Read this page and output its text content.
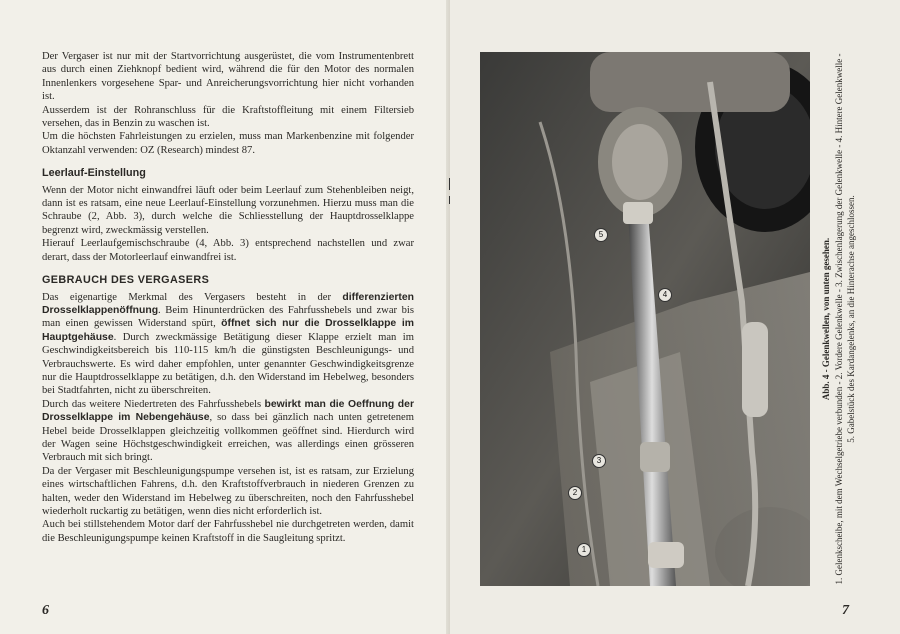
Der Vergaser ist nur mit der Startvorrichtung ausgerüstet, die vom Instrumentenbrett aus durch einen Ziehknopf bedient wird, während die für den Motor des normalen Innenlenkers vorgesehene Spar- und Anreicherungsvorrichtung hier nicht vorhanden ist.

Ausserdem ist der Rohranschluss für die Kraftstoffleitung mit einem Filtersieb versehen, das in Benzin zu waschen ist.

Um die höchsten Fahrleistungen zu erzielen, muss man Markenbenzine mit folgender Oktanzahl verwenden: OZ (Research) mindest 87.

Leerlauf-Einstellung

Wenn der Motor nicht einwandfrei läuft oder beim Leerlauf zum Stehenbleiben neigt, dann ist es ratsam, eine neue Leerlauf-Einstellung vorzunehmen. Hierzu muss man die Schraube (2, Abb. 3), durch welche die Schliesstellung der Hauptdrosselklappe begrenzt wird, zweckmässig verstellen.

Hierauf Leerlaufgemischschraube (4, Abb. 3) entsprechend nachstellen und zwar derart, dass der Motorleerlauf einwandfrei ist.

GEBRAUCH DES VERGASERS

Das eigenartige Merkmal des Vergasers besteht in der differenzierten Drosselklappenöffnung. Beim Hinunterdrücken des Fahrfusshebels und zwar bis man einen gewissen Widerstand spürt, öffnet sich nur die Drosselklappe im Hauptgehäuse. Durch zweckmässige Betätigung dieser Klappe erzielt man im Geschwindigkeitsbereich bis 110-115 km/h die günstigsten Beschleunigungs- und Verbrauchswerte. Es wird daher empfohlen, unter genannter Geschwindigkeitsgrenze nur die Hauptdrosselklappe zu betätigen, d.h. den Widerstand im Hebelweg, besonders bei Stadtfahrten, nicht zu überschreiten.

Durch das weitere Niedertreten des Fahrfusshebels bewirkt man die Oeffnung der Drosselklappe im Nebengehäuse, so dass bei gänzlich nach unten getretenem Hebel beide Drosselklappen gleichzeitig vollkommen geöffnet sind. Hierdurch wird der Wagen seine Höchstgeschwindigkeit erreichen, was allerdings einen grösseren Verbrauch mit sich bringt.

Da der Vergaser mit Beschleunigungspumpe versehen ist, ist es ratsam, zur Erzielung eines wirtschaftlichen Fahrens, d.h. den Kraftstoffverbrauch in niederen Grenzen zu halten, weder den Widerstand im Hebelweg zu überschreiten, noch den Fahrfusshebel wiederholt ruckartig zu betätigen, wenn dies nicht erforderlich ist.

Auch bei stillstehendem Motor darf der Fahrfusshebel nie durchgetreten werden, damit die Beschleunigungspumpe keinen Kraftstoff in die Saugleitung spritzt.

6
5
4
3
2
1
Abb. 4 - Gelenkwellen, von unten gesehen. 1. Gelenkscheibe, mit dem Wechselgetriebe verbunden - 2. Vordere Gelenkwelle - 3. Zwischenlagerung der Gelenkwelle - 4. Hintere Gelenkwelle - 5. Gabelstück des Kardangelenks, an die Hinterachse angeschlossen.
7
